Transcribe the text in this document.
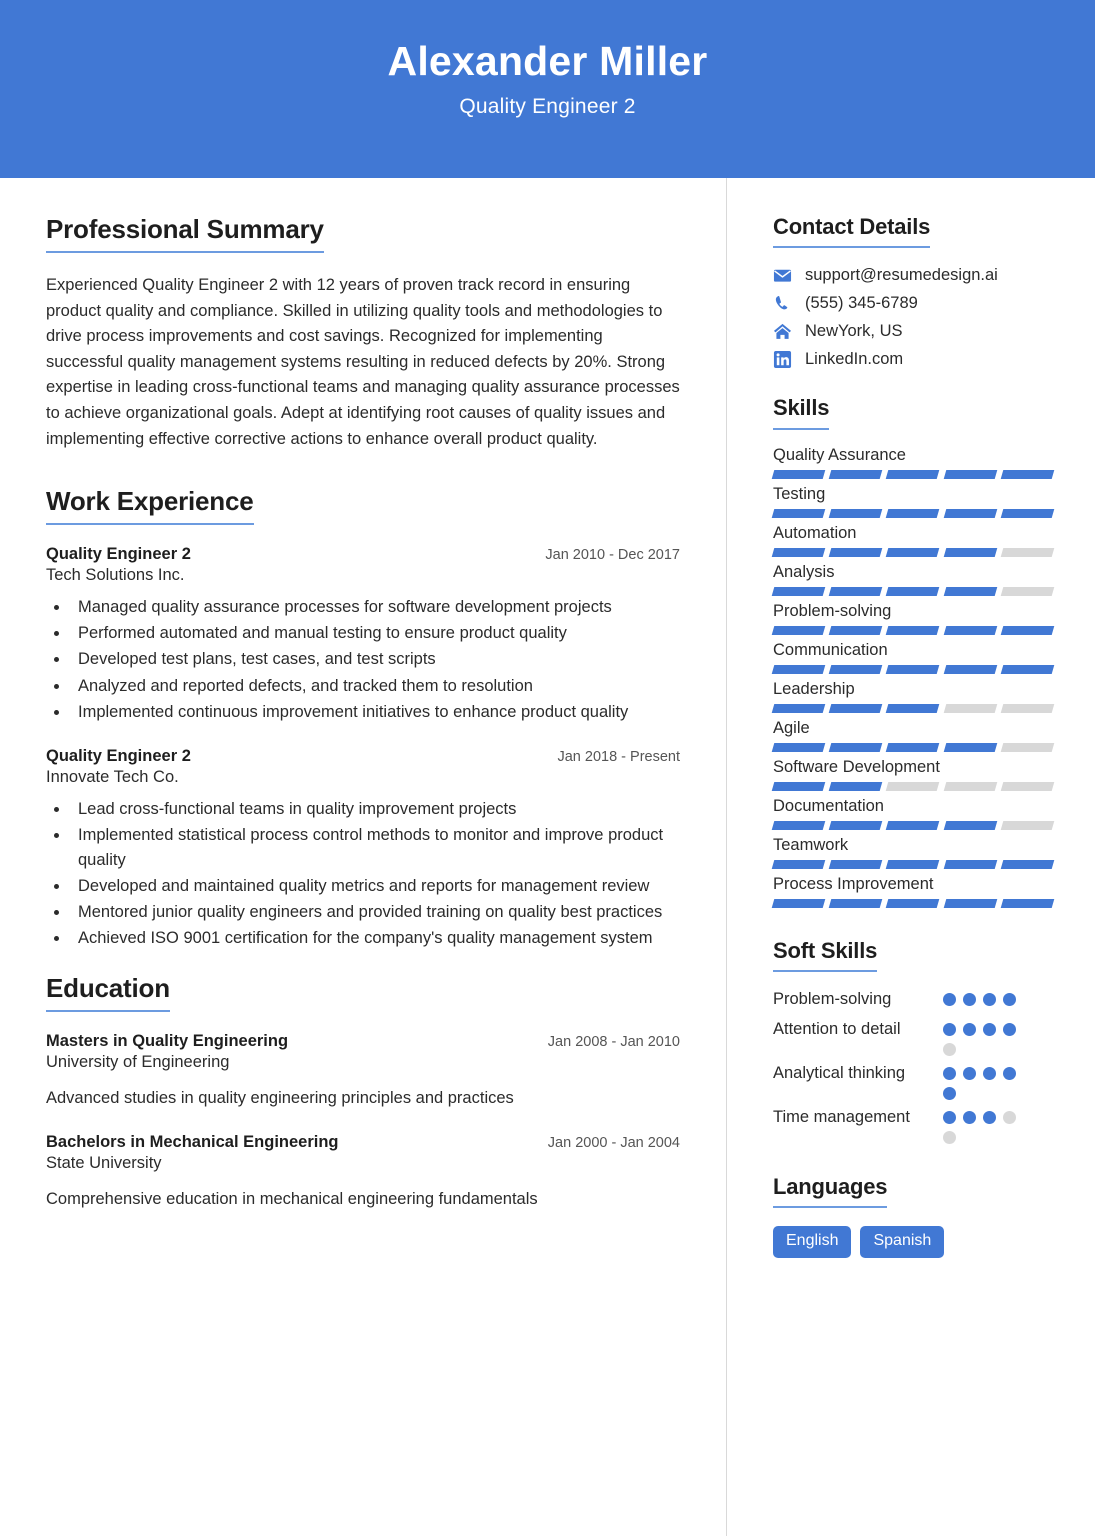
Alexander Miller
Quality Engineer 2
Professional Summary
Experienced Quality Engineer 2 with 12 years of proven track record in ensuring product quality and compliance. Skilled in utilizing quality tools and methodologies to drive process improvements and cost savings. Recognized for implementing successful quality management systems resulting in reduced defects by 20%. Strong expertise in leading cross-functional teams and managing quality assurance processes to achieve organizational goals. Adept at identifying root causes of quality issues and implementing effective corrective actions to enhance overall product quality.
Work Experience
Quality Engineer 2	Jan 2010 - Dec 2017
Tech Solutions Inc.
• Managed quality assurance processes for software development projects
• Performed automated and manual testing to ensure product quality
• Developed test plans, test cases, and test scripts
• Analyzed and reported defects, and tracked them to resolution
• Implemented continuous improvement initiatives to enhance product quality
Quality Engineer 2	Jan 2018 - Present
Innovate Tech Co.
• Lead cross-functional teams in quality improvement projects
• Implemented statistical process control methods to monitor and improve product quality
• Developed and maintained quality metrics and reports for management review
• Mentored junior quality engineers and provided training on quality best practices
• Achieved ISO 9001 certification for the company's quality management system
Education
Masters in Quality Engineering	Jan 2008 - Jan 2010
University of Engineering
Advanced studies in quality engineering principles and practices
Bachelors in Mechanical Engineering	Jan 2000 - Jan 2004
State University
Comprehensive education in mechanical engineering fundamentals
Contact Details
support@resumedesign.ai
(555) 345-6789
NewYork, US
LinkedIn.com
Skills
Quality Assurance
Testing
Automation
Analysis
Problem-solving
Communication
Leadership
Agile
Software Development
Documentation
Teamwork
Process Improvement
Soft Skills
Problem-solving
Attention to detail
Analytical thinking
Time management
Languages
English	Spanish
